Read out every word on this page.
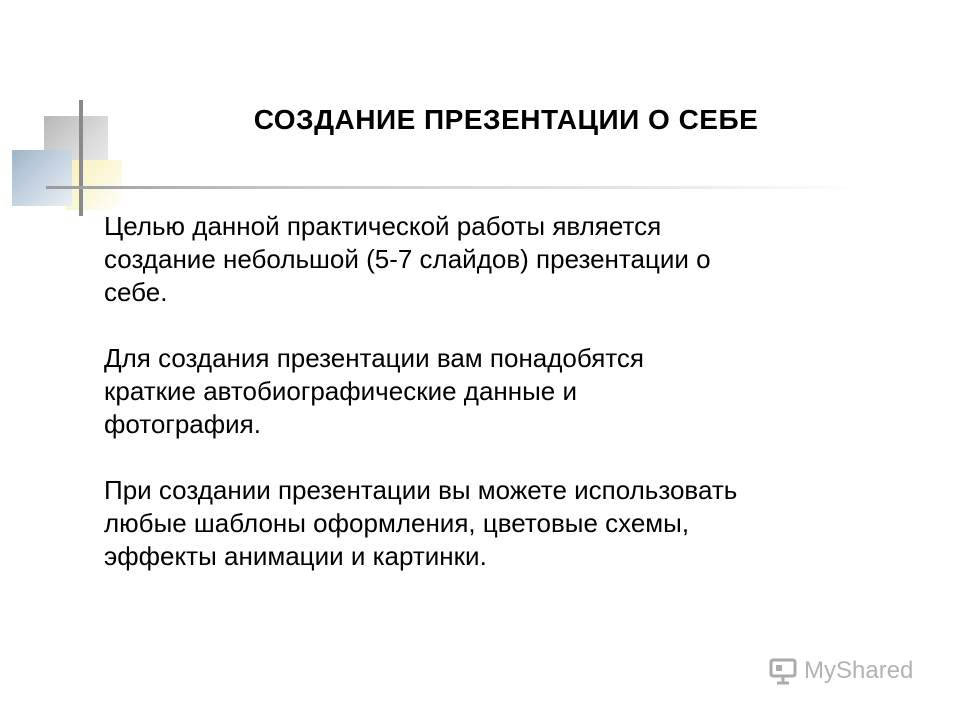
СОЗДАНИЕ ПРЕЗЕНТАЦИИ О СЕБЕ

Целью данной практической работы является
создание небольшой (5-7 слайдов) презентации о
себе.

Для создания презентации вам понадобятся
краткие автобиографические данные и
фотография.

При создании презентации вы можете использовать
любые шаблоны оформления, цветовые схемы,
эффекты анимации и картинки.

MyShared
